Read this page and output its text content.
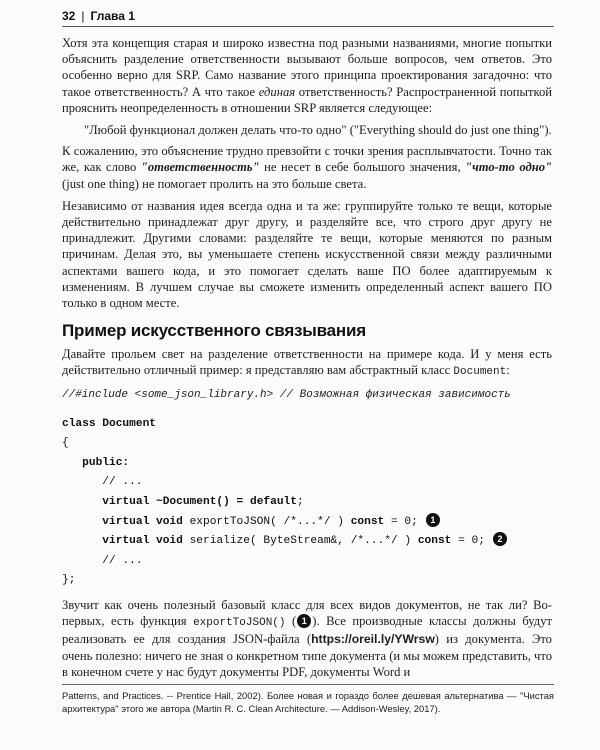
32 | Глава 1

Хотя эта концепция старая и широко известна под разными названиями, многие попытки объяснить разделение ответственности вызывают больше вопросов, чем ответов. Это особенно верно для SRP. Само название этого принципа проектирования загадочно: что такое ответственность? А что такое единая ответственность? Распространенной попыткой прояснить неопределенность в отношении SRP является следующее:

"Любой функционал должен делать что-то одно" ("Everything should do just one thing").

К сожалению, это объяснение трудно превзойти с точки зрения расплывчатости. Точно так же, как слово "ответственность" не несет в себе большого значения, "что-то одно" (just one thing) не помогает пролить на это больше света.

Независимо от названия идея всегда одна и та же: группируйте только те вещи, которые действительно принадлежат друг другу, и разделяйте все, что строго друг другу не принадлежит. Другими словами: разделяйте те вещи, которые меняются по разным причинам. Делая это, вы уменьшаете степень искусственной связи между различными аспектами вашего кода, и это помогает сделать ваше ПО более адаптируемым к изменениям. В лучшем случае вы сможете изменить определенный аспект вашего ПО только в одном месте.

Пример искусственного связывания

Давайте прольем свет на разделение ответственности на примере кода. И у меня есть действительно отличный пример: я представляю вам абстрактный класс Document:

//#include <some_json_library.h> // Возможная физическая зависимость
class Document
{
public:
// ...
virtual ~Document() = default;
virtual void exportToJSON( /*...*/ ) const = 0; 1
virtual void serialize( ByteStream&, /*...*/ ) const = 0; 2
// ...
};

Звучит как очень полезный базовый класс для всех видов документов, не так ли? Во-первых, есть функция exportToJSON() ( 1 ). Все производные классы должны будут реализовать ее для создания JSON-файла (https://oreil.ly/YWrsw) из документа. Это очень полезно: ничего не зная о конкретном типе документа (и мы можем представить, что в конечном счете у нас будут документы PDF, документы Word и

Patterns, and Practices. -- Prentice Hall, 2002). Более новая и гораздо более дешевая альтернатива — "Чистая архитектура" этого же автора (Martin R. C. Clean Architecture. — Addison-Wesley, 2017).
